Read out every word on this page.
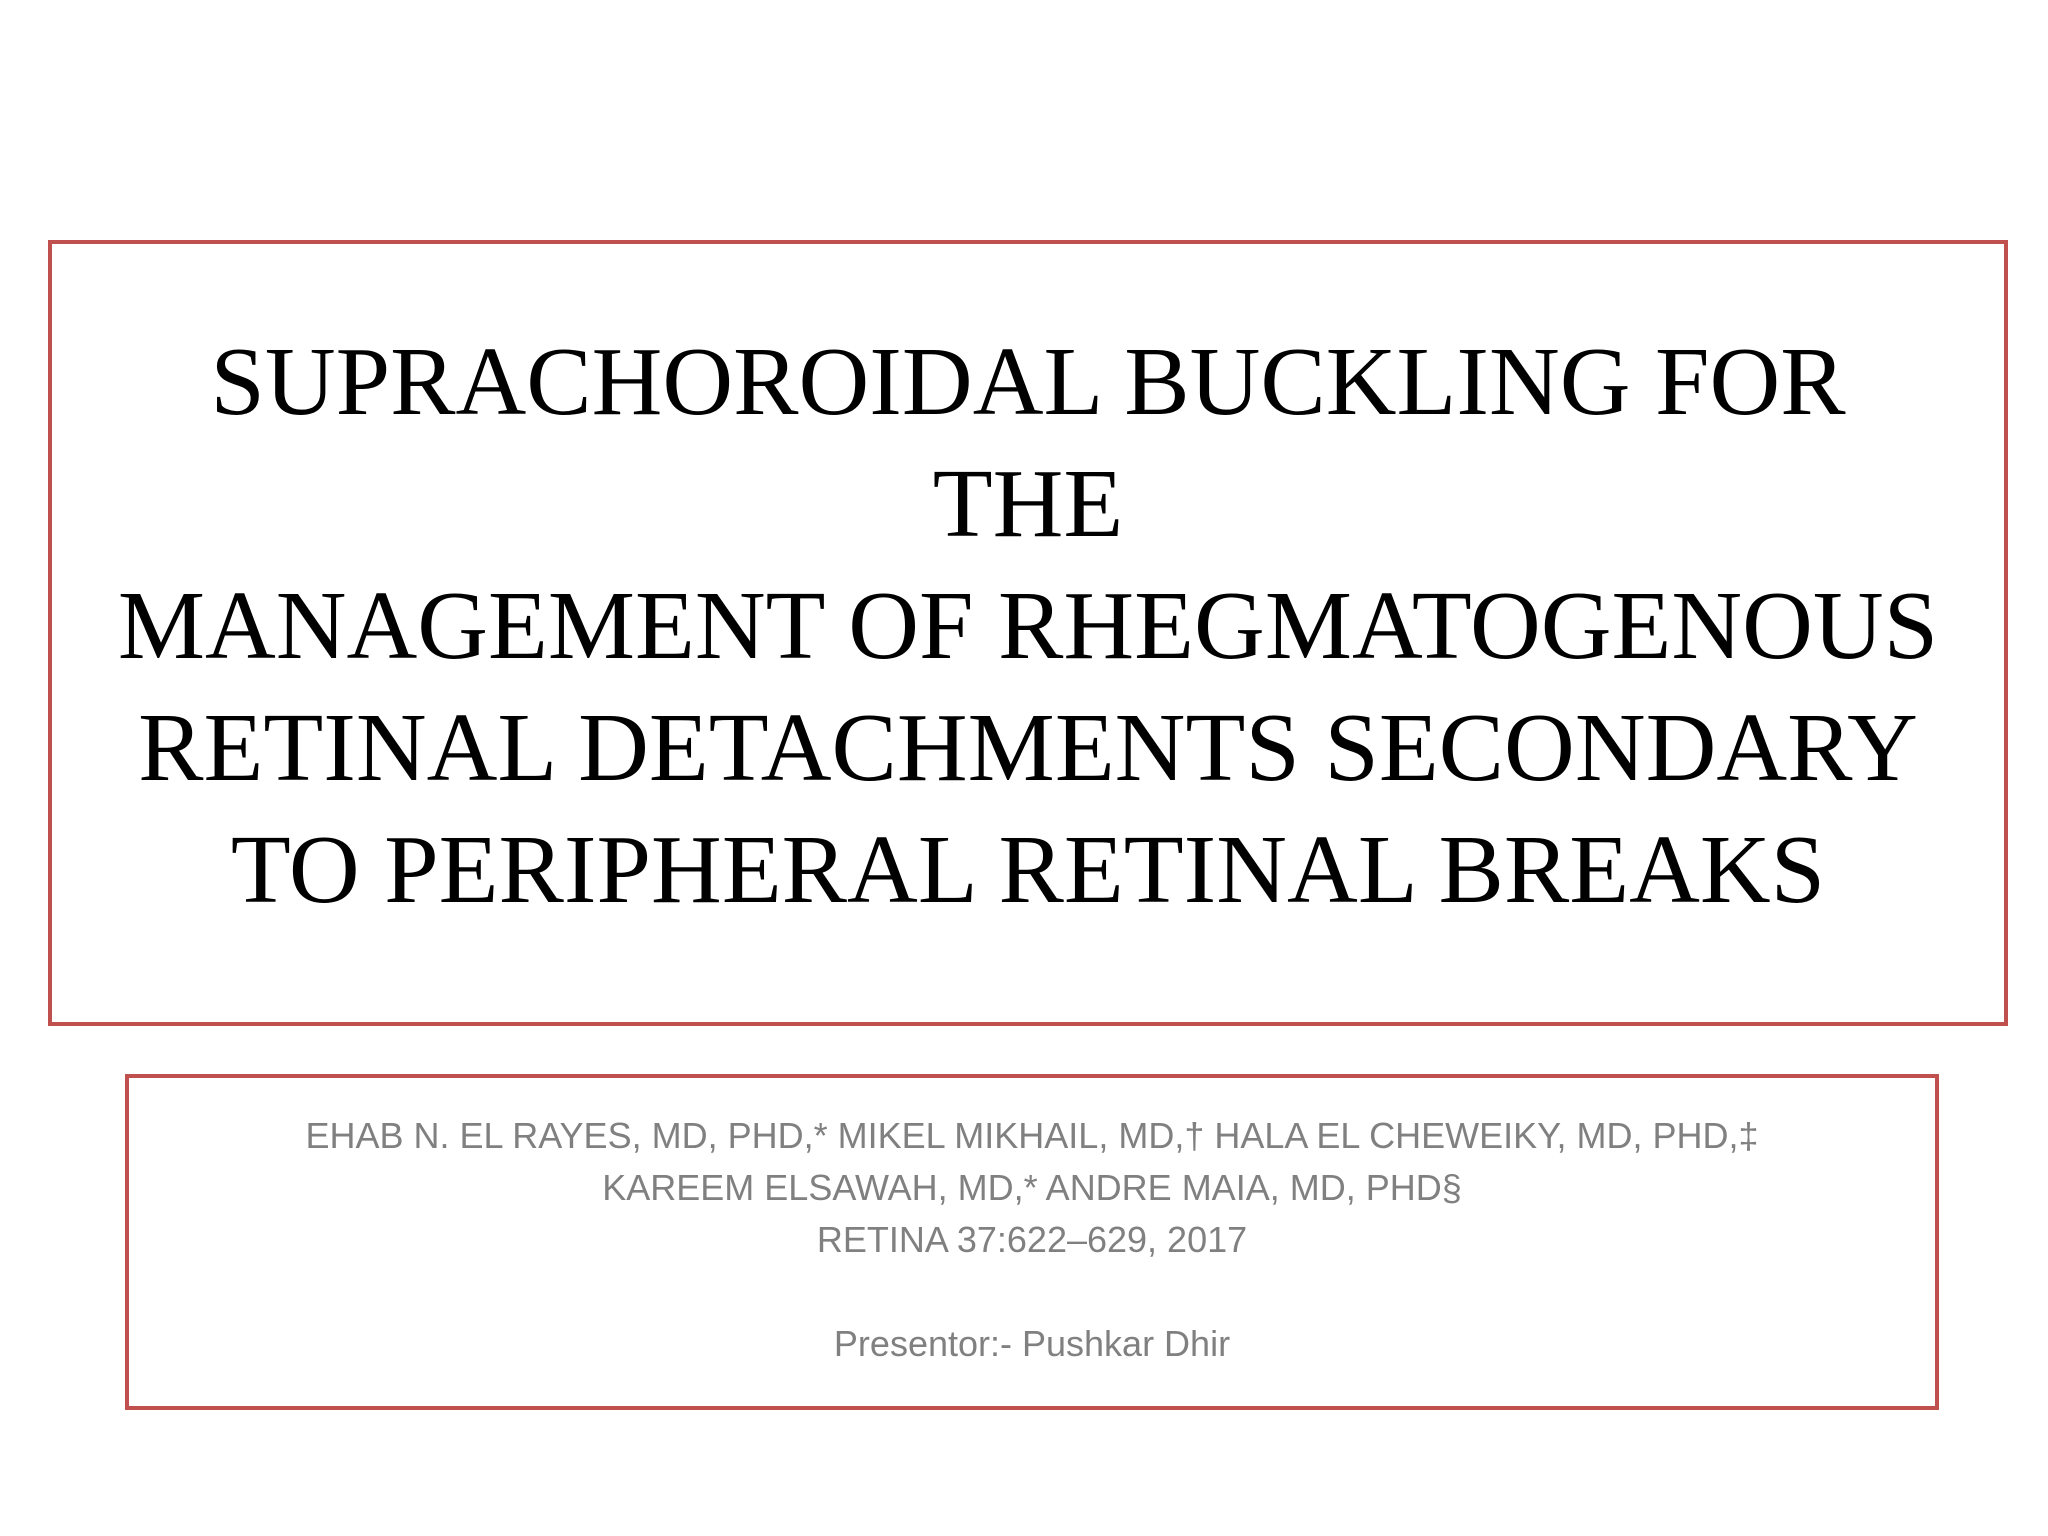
SUPRACHOROIDAL BUCKLING FOR
THE
MANAGEMENT OF RHEGMATOGENOUS
RETINAL DETACHMENTS SECONDARY
TO PERIPHERAL RETINAL BREAKS
EHAB N. EL RAYES, MD, PHD,* MIKEL MIKHAIL, MD,† HALA EL CHEWEIKY, MD, PHD,‡
KAREEM ELSAWAH, MD,* ANDRE MAIA, MD, PHD§
RETINA 37:622–629, 2017
Presentor:- Pushkar Dhir
